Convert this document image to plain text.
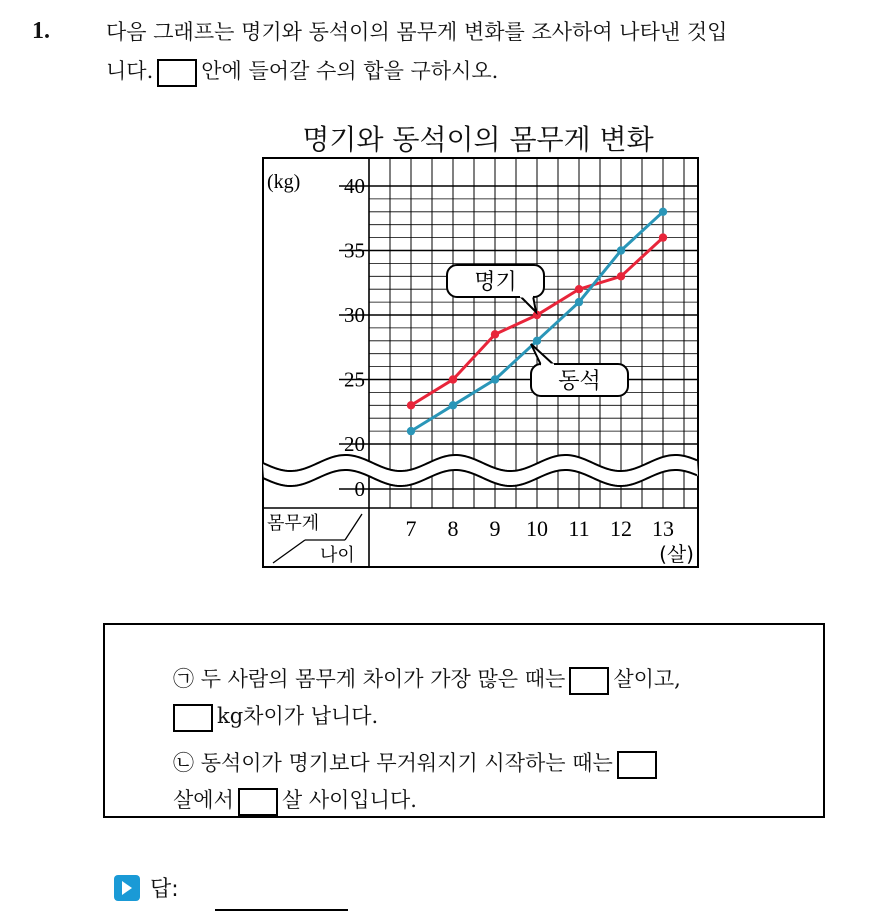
1.	다음 그래프는 명기와 동석이의 몸무게 변화를 조사하여 나타낸 것입
니다. 안에 들어갈 수의 합을 구하시오.
명기와 동석이의 몸무게 변화
0
20
25
30
35
40
(kg)
7 8 9 10 11 12 13
(살)
몸무게
나이
명기
동석
㉠ 두 사람의 몸무게 차이가 가장 많은 때는 살이고,
kg차이가 납니다.
㉡ 동석이가 명기보다 무거워지기 시작하는 때는
살에서 살 사이입니다.
답:
